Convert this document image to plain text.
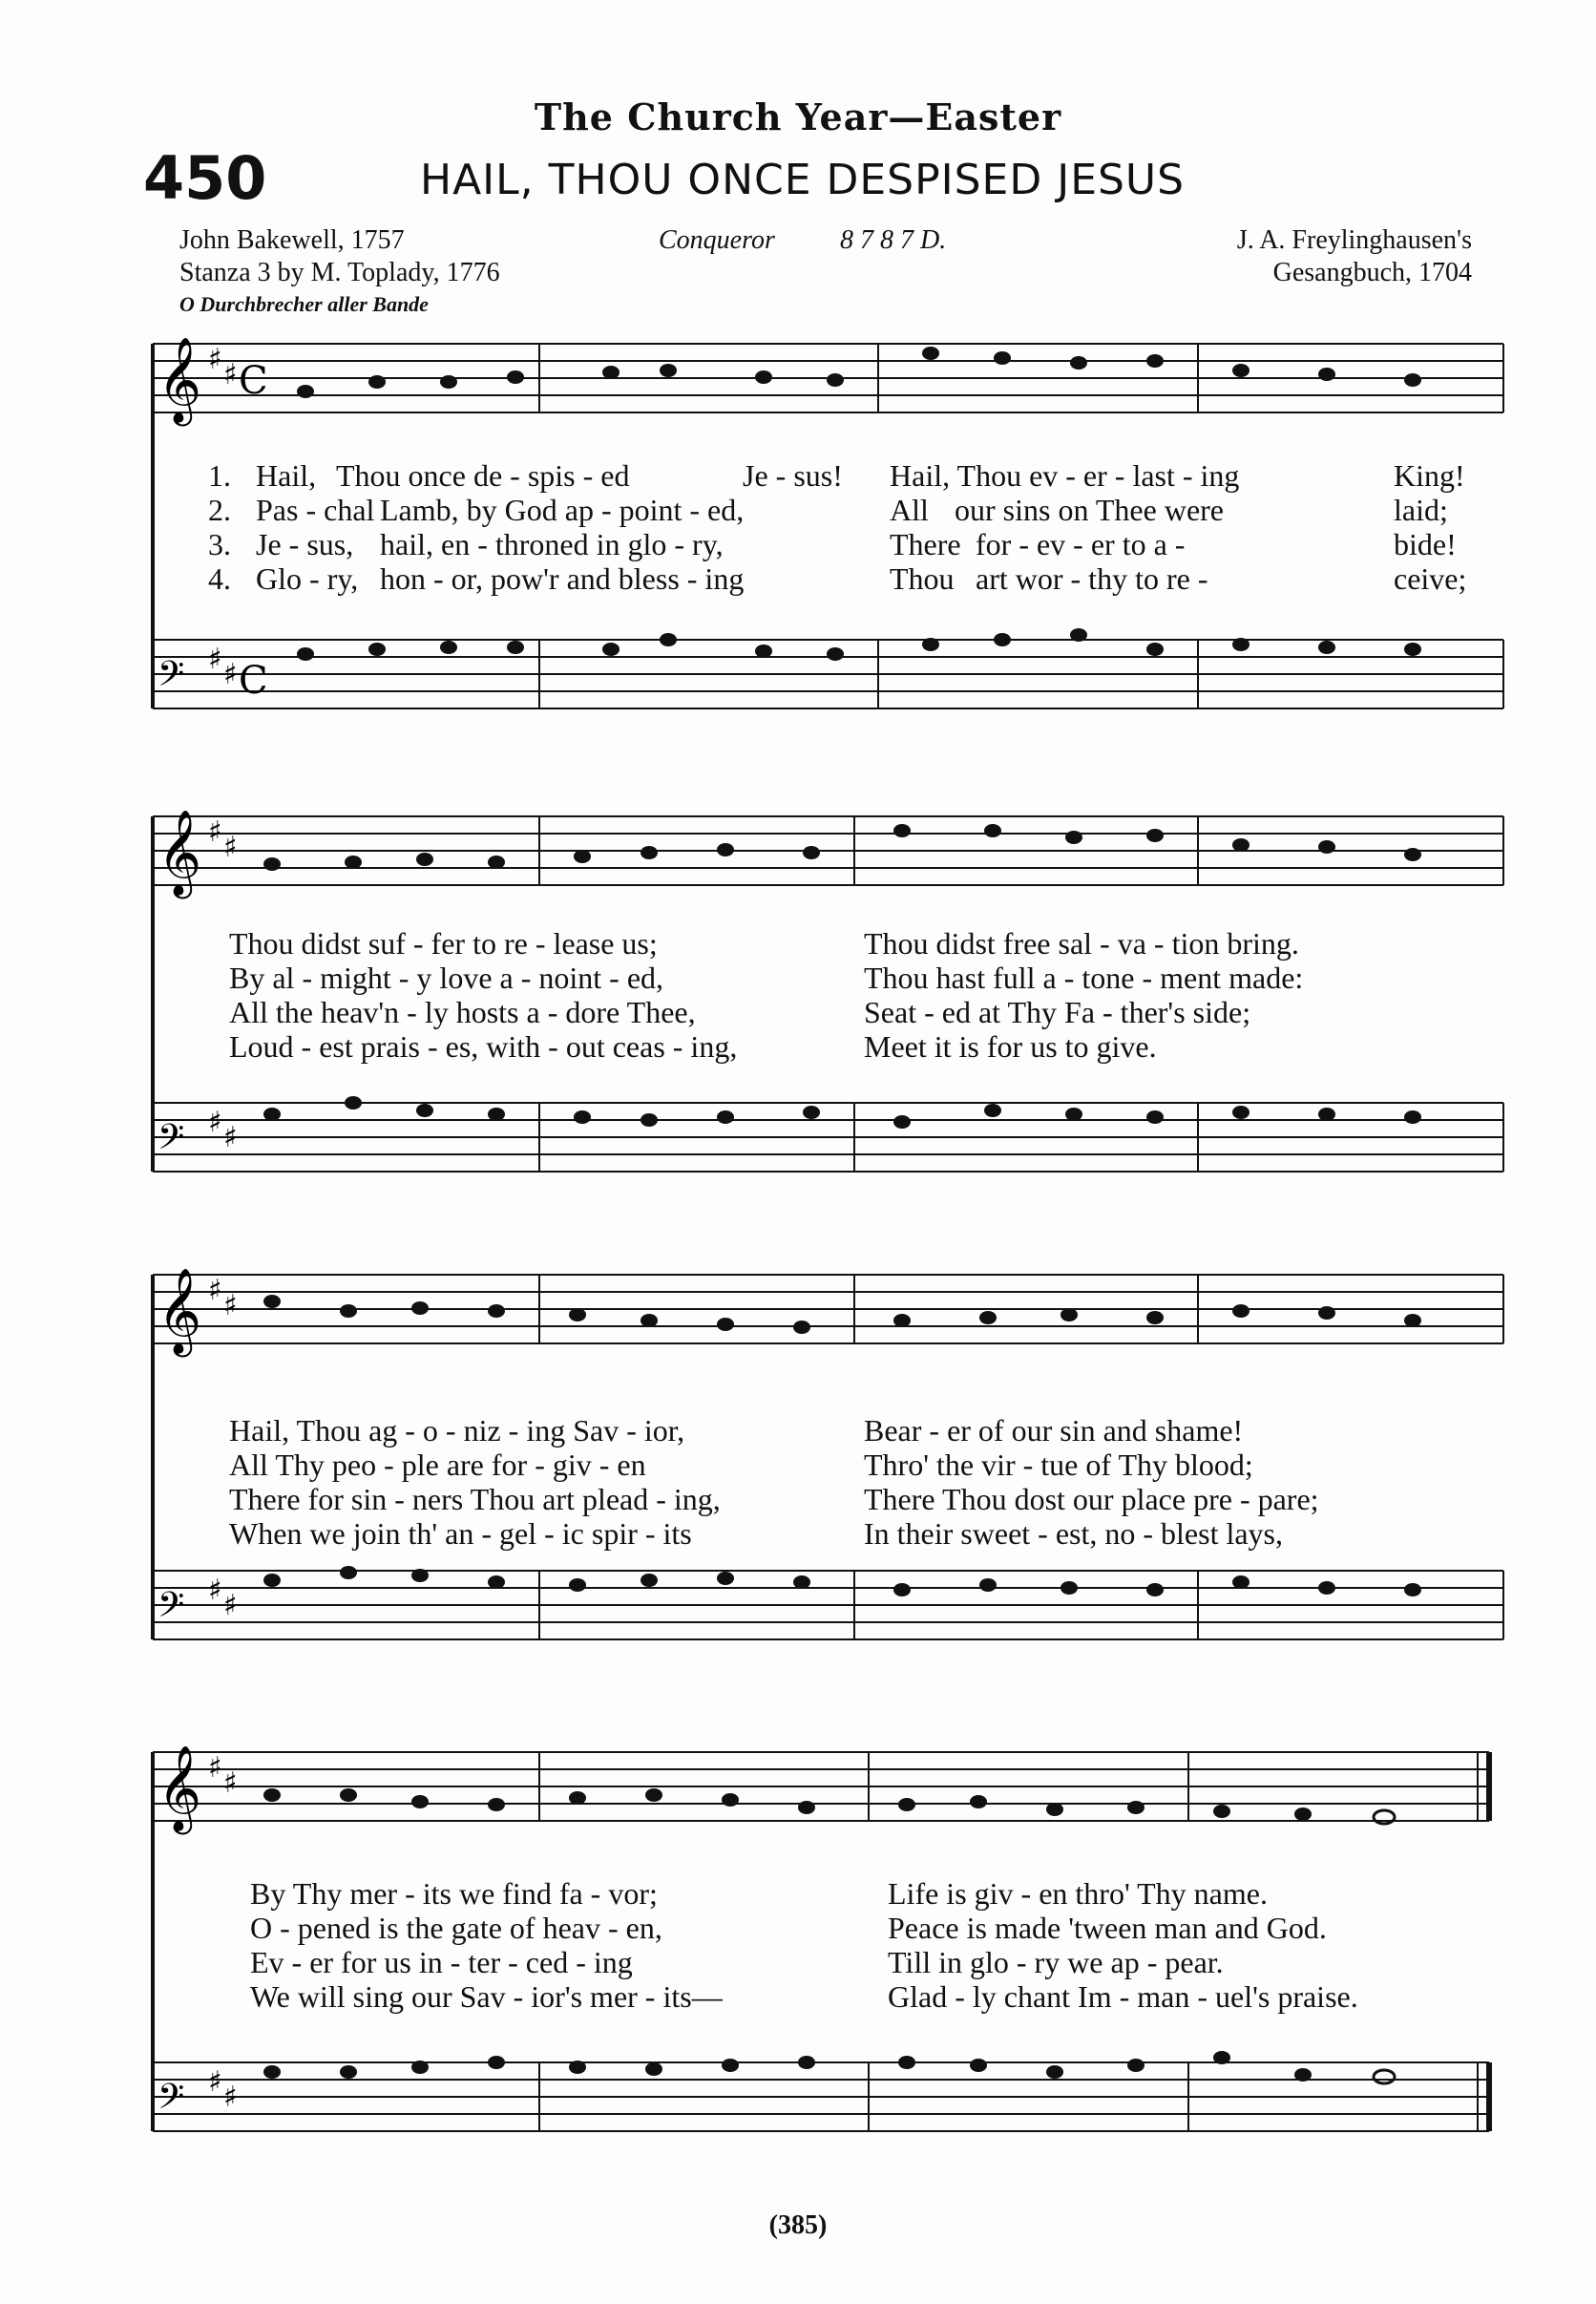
The Church Year—Easter
450	HAIL, THOU ONCE DESPISED JESUS
John Bakewell, 1757
Stanza 3 by M. Toplady, 1776
Conqueror 8 7 8 7 D.	J. A. Freylinghausen's
Gesangbuch, 1704
O Durchbrecher aller Bande
𝄞 ♯ ♯ C
𝄢 ♯ ♯ C
1. Hail, Thou once de - spis - ed	Je - sus! Hail, Thou ev - er - last - ing	King!
2. Pas - chal Lamb, by God ap - point - ed,	All our sins on Thee were	laid;
3. Je - sus, hail, en - throned in glo - ry,	There for - ev - er to a -	bide!
4. Glo - ry, hon - or, pow'r and bless - ing	Thou art wor - thy to re -	ceive;
𝄞 ♯ ♯
𝄢 ♯ ♯
Thou didst suf - fer to re - lease us;	Thou didst free sal - va - tion bring.
By al - might - y love a - noint - ed,	Thou hast full a - tone - ment made:
All the heav'n - ly hosts a - dore Thee,	Seat - ed at Thy Fa - ther's side;
Loud - est prais - es, with - out ceas - ing,	Meet it is for us to give.
𝄞 ♯ ♯
𝄢 ♯ ♯
Hail, Thou ag - o - niz - ing Sav - ior,	Bear - er of our sin and shame!
All Thy peo - ple are for - giv - en	Thro' the vir - tue of Thy blood;
There for sin - ners Thou art plead - ing,	There Thou dost our place pre - pare;
When we join th' an - gel - ic spir - its	In their sweet - est, no - blest lays,
𝄞 ♯ ♯
𝄢 ♯ ♯
By Thy mer - its we find fa - vor;	Life is giv - en thro' Thy name.
O - pened is the gate of heav - en,	Peace is made 'tween man and God.
Ev - er for us in - ter - ced - ing	Till in glo - ry we ap - pear.
We will sing our Sav - ior's mer - its—	Glad - ly chant Im - man - uel's praise.
(385)
